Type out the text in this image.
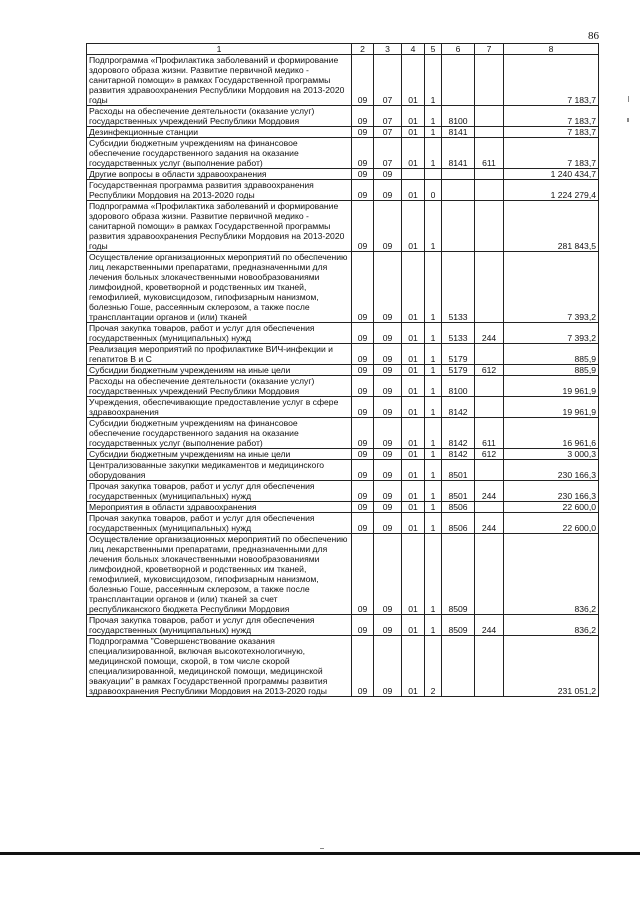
86
1	2	3	4	5	6	7	8
Подпрограмма «Профилактика заболеваний и формирование здорового образа жизни. Развитие первичной медико - санитарной помощи» в рамках Государственной программы развития здравоохранения Республики Мордовия на 2013-2020 годы	09	07	01	1			7 183,7
Расходы на обеспечение деятельности (оказание услуг) государственных учреждений Республики Мордовия	09	07	01	1	8100		7 183,7
Дезинфекционные станции	09	07	01	1	8141		7 183,7
Субсидии бюджетным учреждениям на финансовое обеспечение государственного задания на оказание государственных услуг (выполнение работ)	09	07	01	1	8141	611	7 183,7
Другие вопросы в области здравоохранения	09	09					1 240 434,7
Государственная программа развития здравоохранения Республики Мордовия на 2013-2020 годы	09	09	01	0			1 224 279,4
Подпрограмма «Профилактика заболеваний и формирование здорового образа жизни. Развитие первичной медико - санитарной помощи» в рамках Государственной программы развития здравоохранения Республики Мордовия на 2013-2020 годы	09	09	01	1			281 843,5
Осуществление организационных мероприятий по обеспечению лиц лекарственными препаратами, предназначенными для лечения больных злокачественными новообразованиями лимфоидной, кроветворной и родственных им тканей, гемофилией, муковисцидозом, гипофизарным нанизмом, болезнью Гоше, рассеянным склерозом, а также после трансплантации органов и (или) тканей	09	09	01	1	5133		7 393,2
Прочая закупка товаров, работ и услуг для обеспечения государственных (муниципальных) нужд	09	09	01	1	5133	244	7 393,2
Реализация мероприятий по профилактике ВИЧ-инфекции и гепатитов В и С	09	09	01	1	5179		885,9
Субсидии бюджетным учреждениям на иные цели	09	09	01	1	5179	612	885,9
Расходы на обеспечение деятельности (оказание услуг) государственных учреждений Республики Мордовия	09	09	01	1	8100		19 961,9
Учреждения, обеспечивающие предоставление услуг в сфере здравоохранения	09	09	01	1	8142		19 961,9
Субсидии бюджетным учреждениям на финансовое обеспечение государственного задания на оказание государственных услуг (выполнение работ)	09	09	01	1	8142	611	16 961,6
Субсидии бюджетным учреждениям на иные цели	09	09	01	1	8142	612	3 000,3
Централизованные закупки медикаментов и медицинского оборудования	09	09	01	1	8501		230 166,3
Прочая закупка товаров, работ и услуг для обеспечения государственных (муниципальных) нужд	09	09	01	1	8501	244	230 166,3
Мероприятия в области здравоохранения	09	09	01	1	8506		22 600,0
Прочая закупка товаров, работ и услуг для обеспечения государственных (муниципальных) нужд	09	09	01	1	8506	244	22 600,0
Осуществление организационных мероприятий по обеспечению лиц лекарственными препаратами, предназначенными для лечения больных злокачественными новообразованиями лимфоидной, кроветворной и родственных им тканей, гемофилией, муковисцидозом, гипофизарным нанизмом, болезнью Гоше, рассеянным склерозом, а также после трансплантации органов и (или) тканей за счет республиканского бюджета Республики Мордовия	09	09	01	1	8509		836,2
Прочая закупка товаров, работ и услуг для обеспечения государственных (муниципальных) нужд	09	09	01	1	8509	244	836,2
Подпрограмма "Совершенствование оказания специализированной, включая высокотехнологичную, медицинской помощи, скорой, в том числе скорой специализированной, медицинской помощи, медицинской эвакуации" в рамках Государственной программы развития здравоохранения Республики Мордовия на 2013-2020 годы	09	09	01	2			231 051,2
